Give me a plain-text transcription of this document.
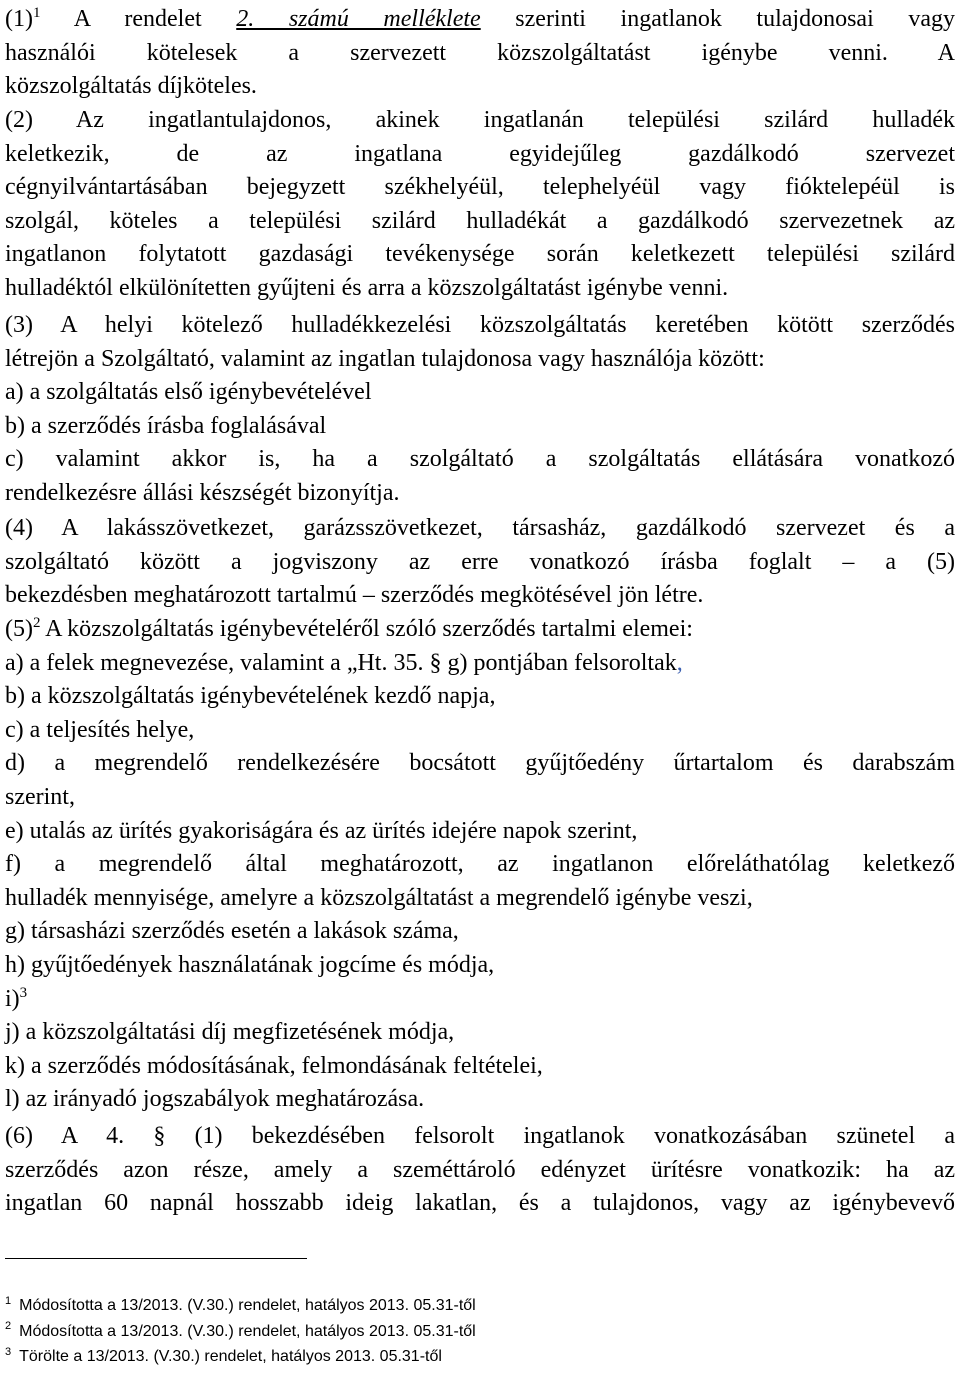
$(1)^1$ A rendelet 2. számú melléklete szerinti ingatlanok tulajdonosai vagy
használói kötelesek a szervezett közszolgáltatást igénybe venni. A
közszolgáltatás díjköteles.
(2) Az ingatlantulajdonos, akinek ingatlanán települési szilárd hulladék
keletkezik, de az ingatlana egyidejűleg gazdálkodó szervezet
cégnyilvántartásában bejegyzett székhelyéül, telephelyéül vagy fióktelepéül is
szolgál, köteles a települési szilárd hulladékát a gazdálkodó szervezetnek az
ingatlanon folytatott gazdasági tevékenysége során keletkezett települési szilárd
hulladéktól elkülönítetten gyűjteni és arra a közszolgáltatást igénybe venni.
(3) A helyi kötelező hulladékkezelési közszolgáltatás keretében kötött szerződés
létrejön a Szolgáltató, valamint az ingatlan tulajdonosa vagy használója között:
a) a szolgáltatás első igénybevételével
b) a szerződés írásba foglalásával
c) valamint akkor is, ha a szolgáltató a szolgáltatás ellátására vonatkozó
rendelkezésre állási készségét bizonyítja.
(4) A lakásszövetkezet, garázsszövetkezet, társasház, gazdálkodó szervezet és a
szolgáltató között a jogviszony az erre vonatkozó írásba foglalt – a (5)
bekezdésben meghatározott tartalmú – szerződés megkötésével jön létre.
$(5)^2$ A közszolgáltatás igénybevételéről szóló szerződés tartalmi elemei:
a) a felek megnevezése, valamint a „Ht. 35. § g) pontjában felsoroltak,
b) a közszolgáltatás igénybevételének kezdő napja,
c) a teljesítés helye,
d) a megrendelő rendelkezésére bocsátott gyűjtőedény űrtartalom és darabszám
szerint,
e) utalás az ürítés gyakoriságára és az ürítés idejére napok szerint,
f) a megrendelő által meghatározott, az ingatlanon előreláthatólag keletkező
hulladék mennyisége, amelyre a közszolgáltatást a megrendelő igénybe veszi,
g) társasházi szerződés esetén a lakások száma,
h) gyűjtőedények használatának jogcíme és módja,
i)$^3$
j) a közszolgáltatási díj megfizetésének módja,
k) a szerződés módosításának, felmondásának feltételei,
l) az irányadó jogszabályok meghatározása.
(6) A 4. § (1) bekezdésében felsorolt ingatlanok vonatkozásában szünetel a
szerződés azon része, amely a szeméttároló edényzet ürítésre vonatkozik: ha az
ingatlan 60 napnál hosszabb ideig lakatlan, és a tulajdonos, vagy az igénybevevő
$^1$ Módosította a 13/2013. (V.30.) rendelet, hatályos 2013. 05.31-től
$^2$ Módosította a 13/2013. (V.30.) rendelet, hatályos 2013. 05.31-től
$^3$ Törölte a 13/2013. (V.30.) rendelet, hatályos 2013. 05.31-től
